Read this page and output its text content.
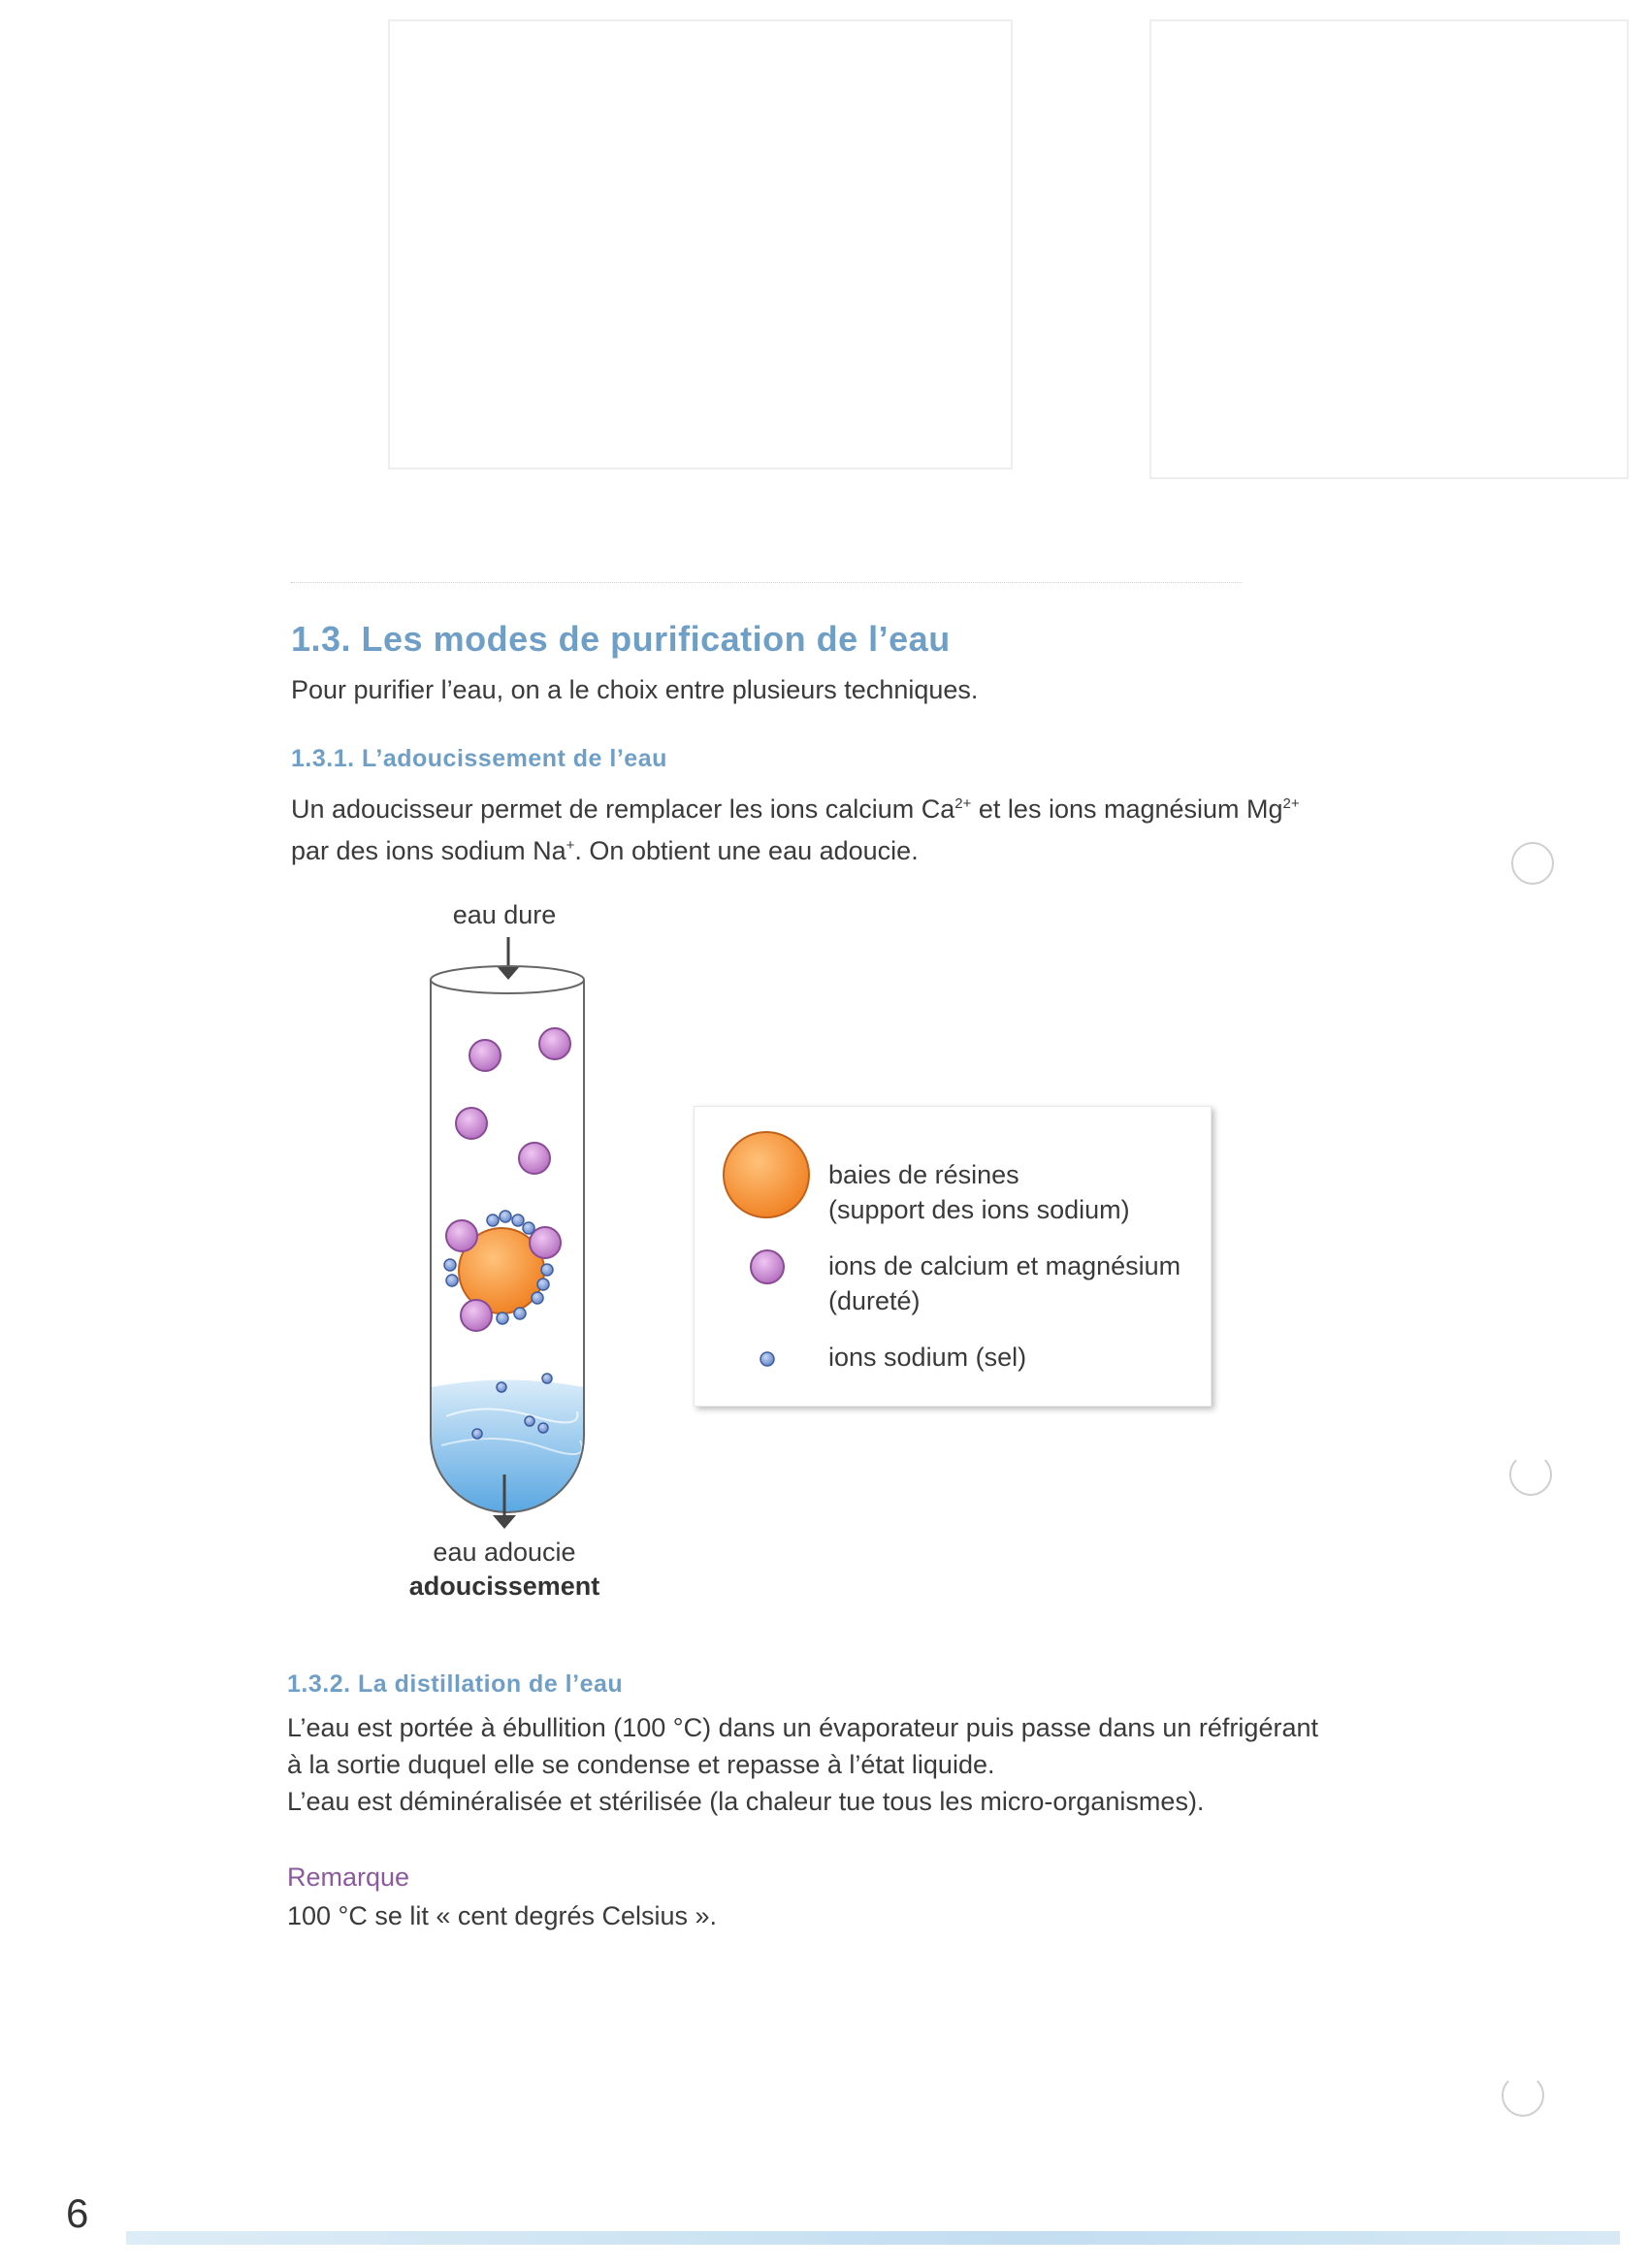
1.3. Les modes de purification de l’eau

Pour purifier l’eau, on a le choix entre plusieurs techniques.

1.3.1. L’adoucissement de l’eau

Un adoucisseur permet de remplacer les ions calcium $Ca^{2+}$ et les ions magnésium $Mg^{2+}$
par des ions sodium Na+. On obtient une eau adoucie.

eau dure
eau adoucie
adoucissement
baies de résines
(support des ions sodium)
ions de calcium et magnésium
(dureté)
ions sodium (sel)
1.3.2. La distillation de l’eau

L’eau est portée à ébullition (100 °C) dans un évaporateur puis passe dans un réfrigérant
à la sortie duquel elle se condense et repasse à l’état liquide.
L’eau est déminéralisée et stérilisée (la chaleur tue tous les micro-organismes).

Remarque

100 °C se lit « cent degrés Celsius ».

6
